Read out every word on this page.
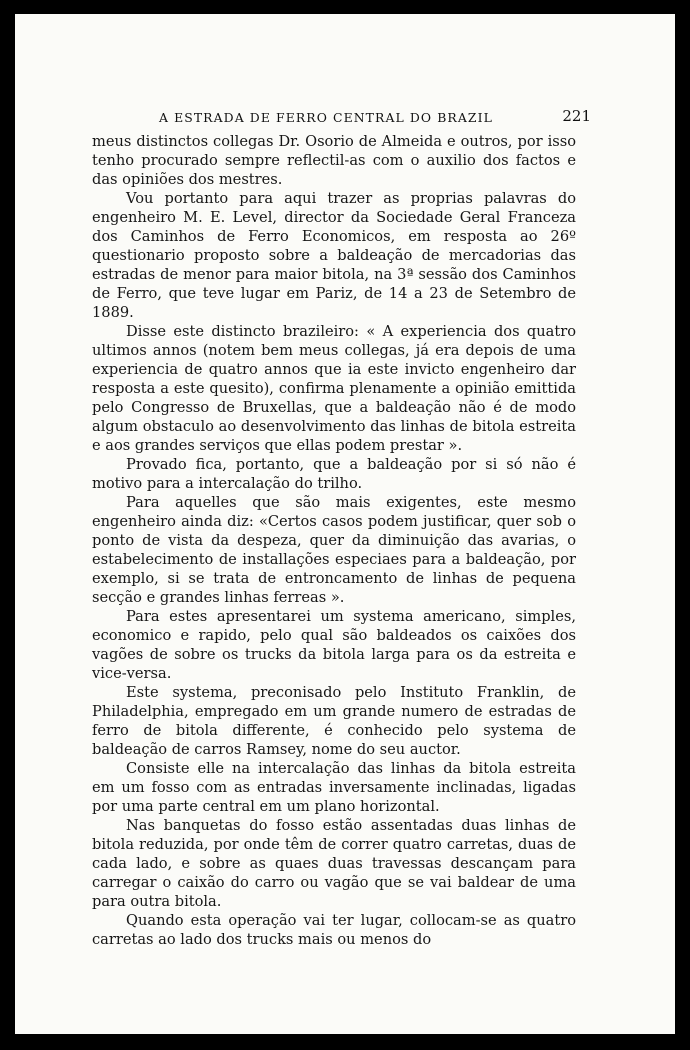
A ESTRADA DE FERRO CENTRAL DO BRAZIL	221

meus distinctos collegas Dr. Osorio de Almeida e outros, por isso tenho procurado sempre reflectil-as com o auxilio dos factos e das opiniões dos mestres.

Vou portanto para aqui trazer as proprias palavras do engenheiro M. E. Level, director da Sociedade Geral Franceza dos Caminhos de Ferro Economicos, em resposta ao 26º questionario proposto sobre a baldeação de mercadorias das estradas de menor para maior bitola, na 3ª sessão dos Caminhos de Ferro, que teve lugar em Pariz, de 14 a 23 de Setembro de 1889.

Disse este distincto brazileiro: « A experiencia dos quatro ultimos annos (notem bem meus collegas, já era depois de uma experiencia de quatro annos que ia este invicto engenheiro dar resposta a este quesito), confirma plenamente a opinião emittida pelo Congresso de Bruxellas, que a baldeação não é de modo algum obstaculo ao desenvolvimento das linhas de bitola estreita e aos grandes serviços que ellas podem prestar ».

Provado fica, portanto, que a baldeação por si só não é motivo para a intercalação do trilho.

Para aquelles que são mais exigentes, este mesmo engenheiro ainda diz: «Certos casos podem justificar, quer sob o ponto de vista da despeza, quer da diminuição das avarias, o estabelecimento de installações especiaes para a baldeação, por exemplo, si se trata de entroncamento de linhas de pequena secção e grandes linhas ferreas ».

Para estes apresentarei um systema americano, simples, economico e rapido, pelo qual são baldeados os caixões dos vagões de sobre os trucks da bitola larga para os da estreita e vice-versa.

Este systema, preconisado pelo Instituto Franklin, de Philadelphia, empregado em um grande numero de estradas de ferro de bitola differente, é conhecido pelo systema de baldeação de carros Ramsey, nome do seu auctor.

Consiste elle na intercalação das linhas da bitola estreita em um fosso com as entradas inversamente inclinadas, ligadas por uma parte central em um plano horizontal.

Nas banquetas do fosso estão assentadas duas linhas de bitola reduzida, por onde têm de correr quatro carretas, duas de cada lado, e sobre as quaes duas travessas descançam para carregar o caixão do carro ou vagão que se vai baldear de uma para outra bitola.

Quando esta operação vai ter lugar, collocam-se as quatro carretas ao lado dos trucks mais ou menos do
